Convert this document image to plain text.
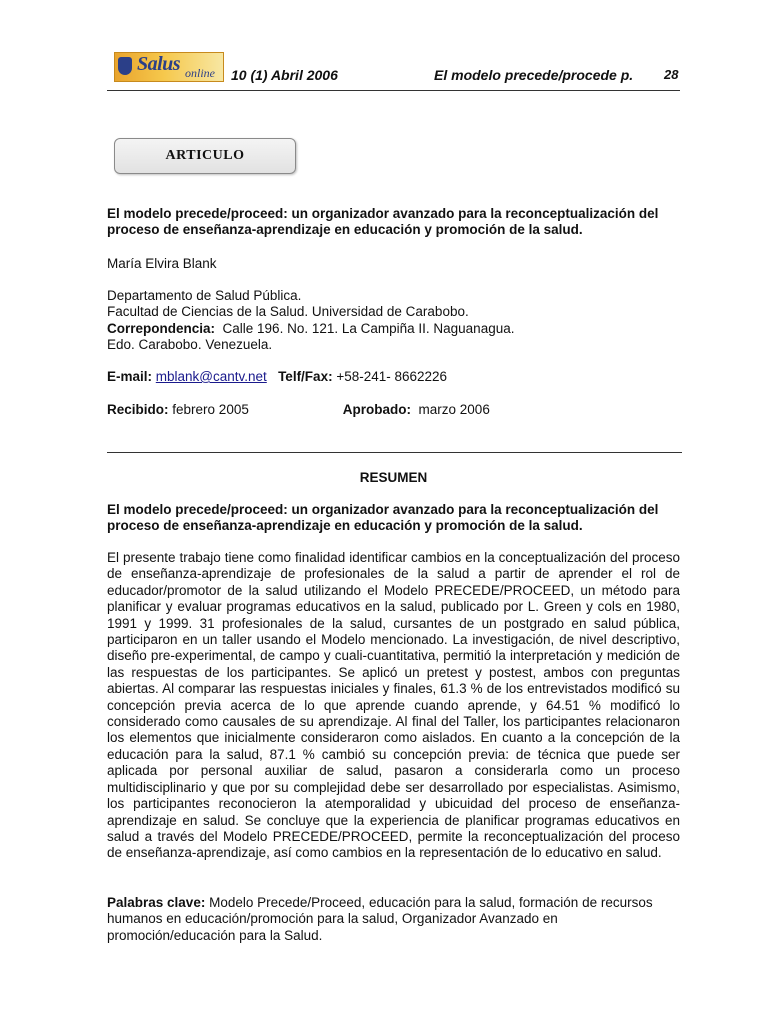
Salus online 10 (1) Abril 2006	El modelo precede/procede p. 28
ARTICULO
El modelo precede/proceed: un organizador avanzado para la reconceptualización del proceso de enseñanza-aprendizaje en educación y promoción de la salud.
María Elvira Blank
Departamento de Salud Pública.
Facultad de Ciencias de la Salud. Universidad de Carabobo.
Correpondencia: Calle 196. No. 121. La Campiña II. Naguanagua.
Edo. Carabobo. Venezuela.
E-mail: mblank@cantv.net Telf/Fax: +58-241- 8662226
Recibido: febrero 2005	Aprobado: marzo 2006
RESUMEN
El modelo precede/proceed: un organizador avanzado para la reconceptualización del proceso de enseñanza-aprendizaje en educación y promoción de la salud.
El presente trabajo tiene como finalidad identificar cambios en la conceptualización del proceso de enseñanza-aprendizaje de profesionales de la salud a partir de aprender el rol de educador/promotor de la salud utilizando el Modelo PRECEDE/PROCEED, un método para planificar y evaluar programas educativos en la salud, publicado por L. Green y cols en 1980, 1991 y 1999. 31 profesionales de la salud, cursantes de un postgrado en salud pública, participaron en un taller usando el Modelo mencionado. La investigación, de nivel descriptivo, diseño pre-experimental, de campo y cuali-cuantitativa, permitió la interpretación y medición de las respuestas de los participantes. Se aplicó un pretest y postest, ambos con preguntas abiertas. Al comparar las respuestas iniciales y finales, 61.3 % de los entrevistados modificó su concepción previa acerca de lo que aprende cuando aprende, y 64.51 % modificó lo considerado como causales de su aprendizaje. Al final del Taller, los participantes relacionaron los elementos que inicialmente consideraron como aislados. En cuanto a la concepción de la educación para la salud, 87.1 % cambió su concepción previa: de técnica que puede ser aplicada por personal auxiliar de salud, pasaron a considerarla como un proceso multidisciplinario y que por su complejidad debe ser desarrollado por especialistas. Asimismo, los participantes reconocieron la atemporalidad y ubicuidad del proceso de enseñanza-aprendizaje en salud. Se concluye que la experiencia de planificar programas educativos en salud a través del Modelo PRECEDE/PROCEED, permite la reconceptualización del proceso de enseñanza-aprendizaje, así como cambios en la representación de lo educativo en salud.
Palabras clave: Modelo Precede/Proceed, educación para la salud, formación de recursos humanos en educación/promoción para la salud, Organizador Avanzado en promoción/educación para la Salud.
